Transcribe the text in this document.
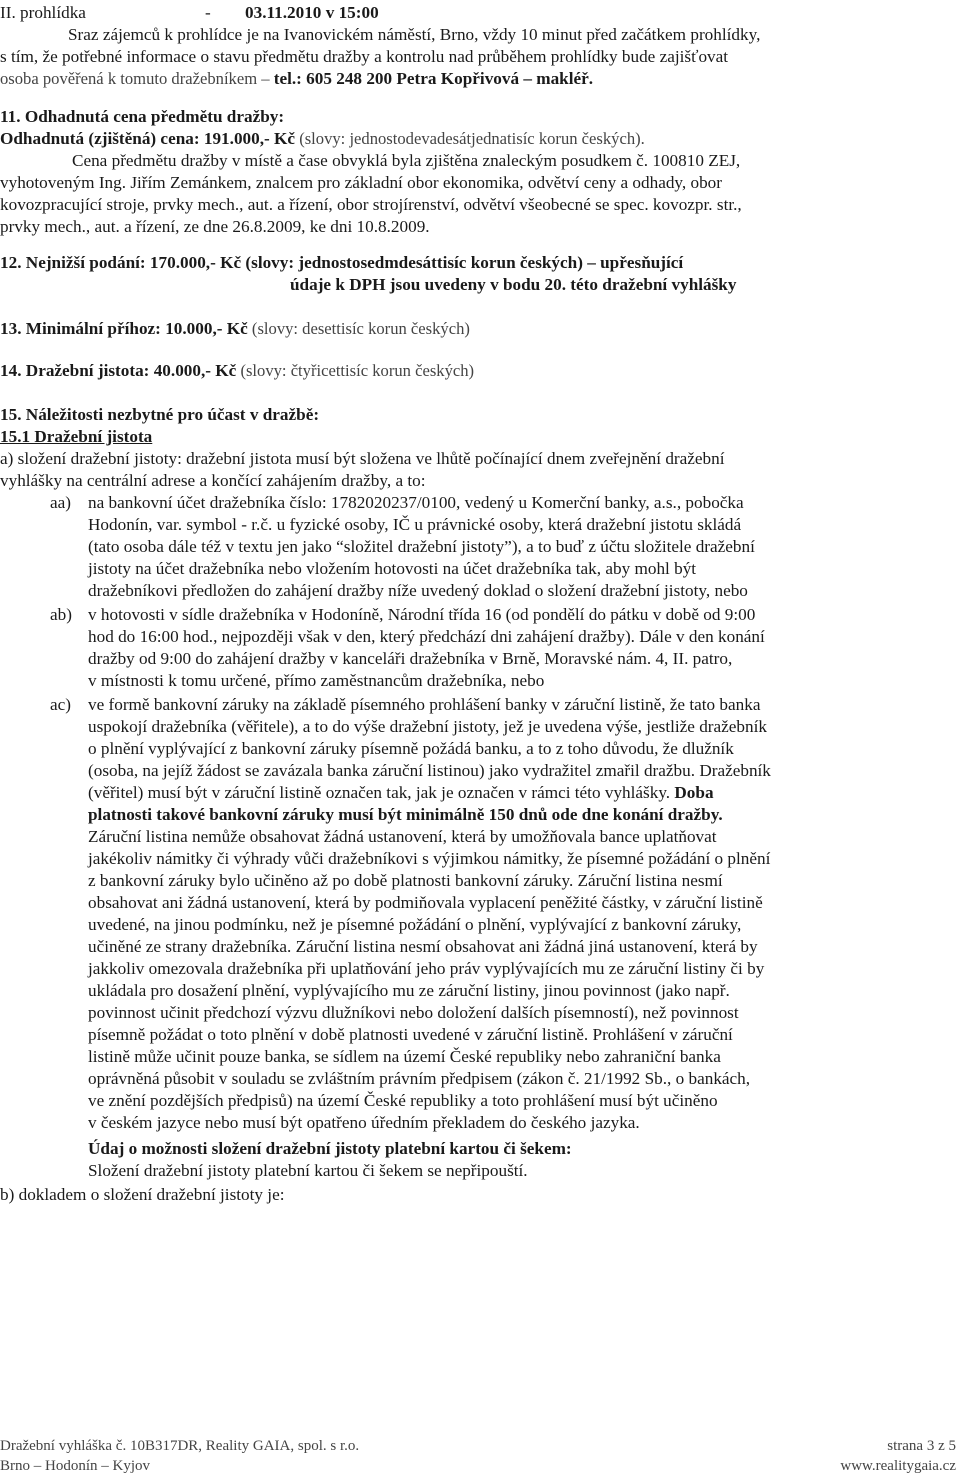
II. prohlídka	- 03.11.2010 v 15:00
Sraz zájemců k prohlídce je na Ivanovickém náměstí, Brno, vždy 10 minut před začátkem prohlídky,
s tím, že potřebné informace o stavu předmětu dražby a kontrolu nad průběhem prohlídky bude zajišťovat
osoba pověřená k tomuto dražebníkem – tel.: 605 248 200 Petra Kopřivová – makléř.
11. Odhadnutá cena předmětu dražby:
Odhadnutá (zjištěná) cena: 191.000,- Kč (slovy: jednostodevadesátjednatisíc korun českých).
Cena předmětu dražby v místě a čase obvyklá byla zjištěna znaleckým posudkem č. 100810 ZEJ,
vyhotoveným Ing. Jiřím Zemánkem, znalcem pro základní obor ekonomika, odvětví ceny a odhady, obor
kovozpracující stroje, prvky mech., aut. a řízení, obor strojírenství, odvětví všeobecné se spec. kovozpr. str.,
prvky mech., aut. a řízení, ze dne 26.8.2009, ke dni 10.8.2009.
12. Nejnižší podání: 170.000,- Kč (slovy: jednostosedmdesáttisíc korun českých) – upřesňující
údaje k DPH jsou uvedeny v bodu 20. této dražební vyhlášky
13. Minimální příhoz: 10.000,- Kč (slovy: desettisíc korun českých)
14. Dražební jistota: 40.000,- Kč (slovy: čtyřicettisíc korun českých)
15. Náležitosti nezbytné pro účast v dražbě:
15.1 Dražební jistota
a) složení dražební jistoty: dražební jistota musí být složena ve lhůtě počínající dnem zveřejnění dražební
vyhlášky na centrální adrese a končící zahájením dražby, a to:
aa) na bankovní účet dražebníka číslo: 1782020237/0100, vedený u Komerční banky, a.s., pobočka
Hodonín, var. symbol - r.č. u fyzické osoby, IČ u právnické osoby, která dražební jistotu skládá
(tato osoba dále též v textu jen jako “složitel dražební jistoty”), a to buď z účtu složitele dražební
jistoty na účet dražebníka nebo vložením hotovosti na účet dražebníka tak, aby mohl být
dražebníkovi předložen do zahájení dražby níže uvedený doklad o složení dražební jistoty, nebo
ab) v hotovosti v sídle dražebníka v Hodoníně, Národní třída 16 (od pondělí do pátku v době od 9:00
hod do 16:00 hod., nejpozději však v den, který předchází dni zahájení dražby). Dále v den konání
dražby od 9:00 do zahájení dražby v kanceláři dražebníka v Brně, Moravské nám. 4, II. patro,
v místnosti k tomu určené, přímo zaměstnancům dražebníka, nebo
ac) ve formě bankovní záruky na základě písemného prohlášení banky v záruční listině, že tato banka
uspokojí dražebníka (věřitele), a to do výše dražební jistoty, jež je uvedena výše, jestliže dražebník
o plnění vyplývající z bankovní záruky písemně požádá banku, a to z toho důvodu, že dlužník
(osoba, na jejíž žádost se zavázala banka záruční listinou) jako vydražitel zmařil dražbu. Dražebník
(věřitel) musí být v záruční listině označen tak, jak je označen v rámci této vyhlášky. Doba
platnosti takové bankovní záruky musí být minimálně 150 dnů ode dne konání dražby.
Záruční listina nemůže obsahovat žádná ustanovení, která by umožňovala bance uplatňovat
jakékoliv námitky či výhrady vůči dražebníkovi s výjimkou námitky, že písemné požádání o plnění
z bankovní záruky bylo učiněno až po době platnosti bankovní záruky. Záruční listina nesmí
obsahovat ani žádná ustanovení, která by podmiňovala vyplacení peněžité částky, v záruční listině
uvedené, na jinou podmínku, než je písemné požádání o plnění, vyplývající z bankovní záruky,
učiněné ze strany dražebníka. Záruční listina nesmí obsahovat ani žádná jiná ustanovení, která by
jakkoliv omezovala dražebníka při uplatňování jeho práv vyplývajících mu ze záruční listiny či by
ukládala pro dosažení plnění, vyplývajícího mu ze záruční listiny, jinou povinnost (jako např.
povinnost učinit předchozí výzvu dlužníkovi nebo doložení dalších písemností), než povinnost
písemně požádat o toto plnění v době platnosti uvedené v záruční listině. Prohlášení v záruční
listině může učinit pouze banka, se sídlem na území České republiky nebo zahraniční banka
oprávněná působit v souladu se zvláštním právním předpisem (zákon č. 21/1992 Sb., o bankách,
ve znění pozdějších předpisů) na území České republiky a toto prohlášení musí být učiněno
v českém jazyce nebo musí být opatřeno úředním překladem do českého jazyka.
Údaj o možnosti složení dražební jistoty platební kartou či šekem:
Složení dražební jistoty platební kartou či šekem se nepřipouští.
b) dokladem o složení dražební jistoty je:
Dražební vyhláška č. 10B317DR, Reality GAIA, spol. s r.o.
Brno – Hodonín – Kyjov
strana 3 z 5
www.realitygaia.cz
